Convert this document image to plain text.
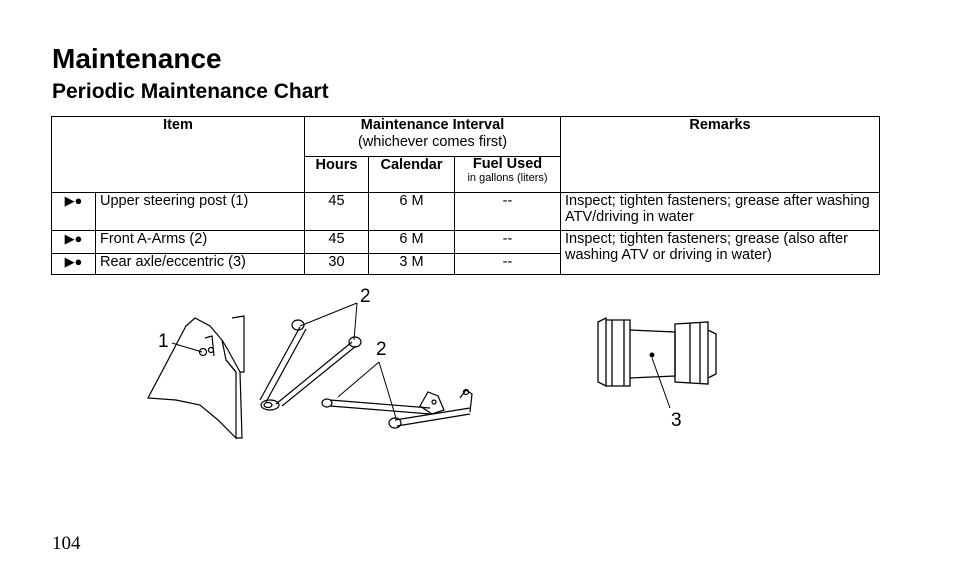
Maintenance
Periodic Maintenance Chart
Item		Maintenance Interval
(whichever comes first)			Remarks
		Hours	Calendar	Fuel Used
in gallons (liters)	

▶●	Upper steering post (1)	45	6 M	--	Inspect; tighten fasteners; grease after washing ATV/driving in water
▶●	Front A-Arms (2)	45	6 M	--	Inspect; tighten fasteners; grease (also after washing ATV or driving in water)
▶●	Rear axle/eccentric (3)	30	3 M	--	
1
2
2
3
104
